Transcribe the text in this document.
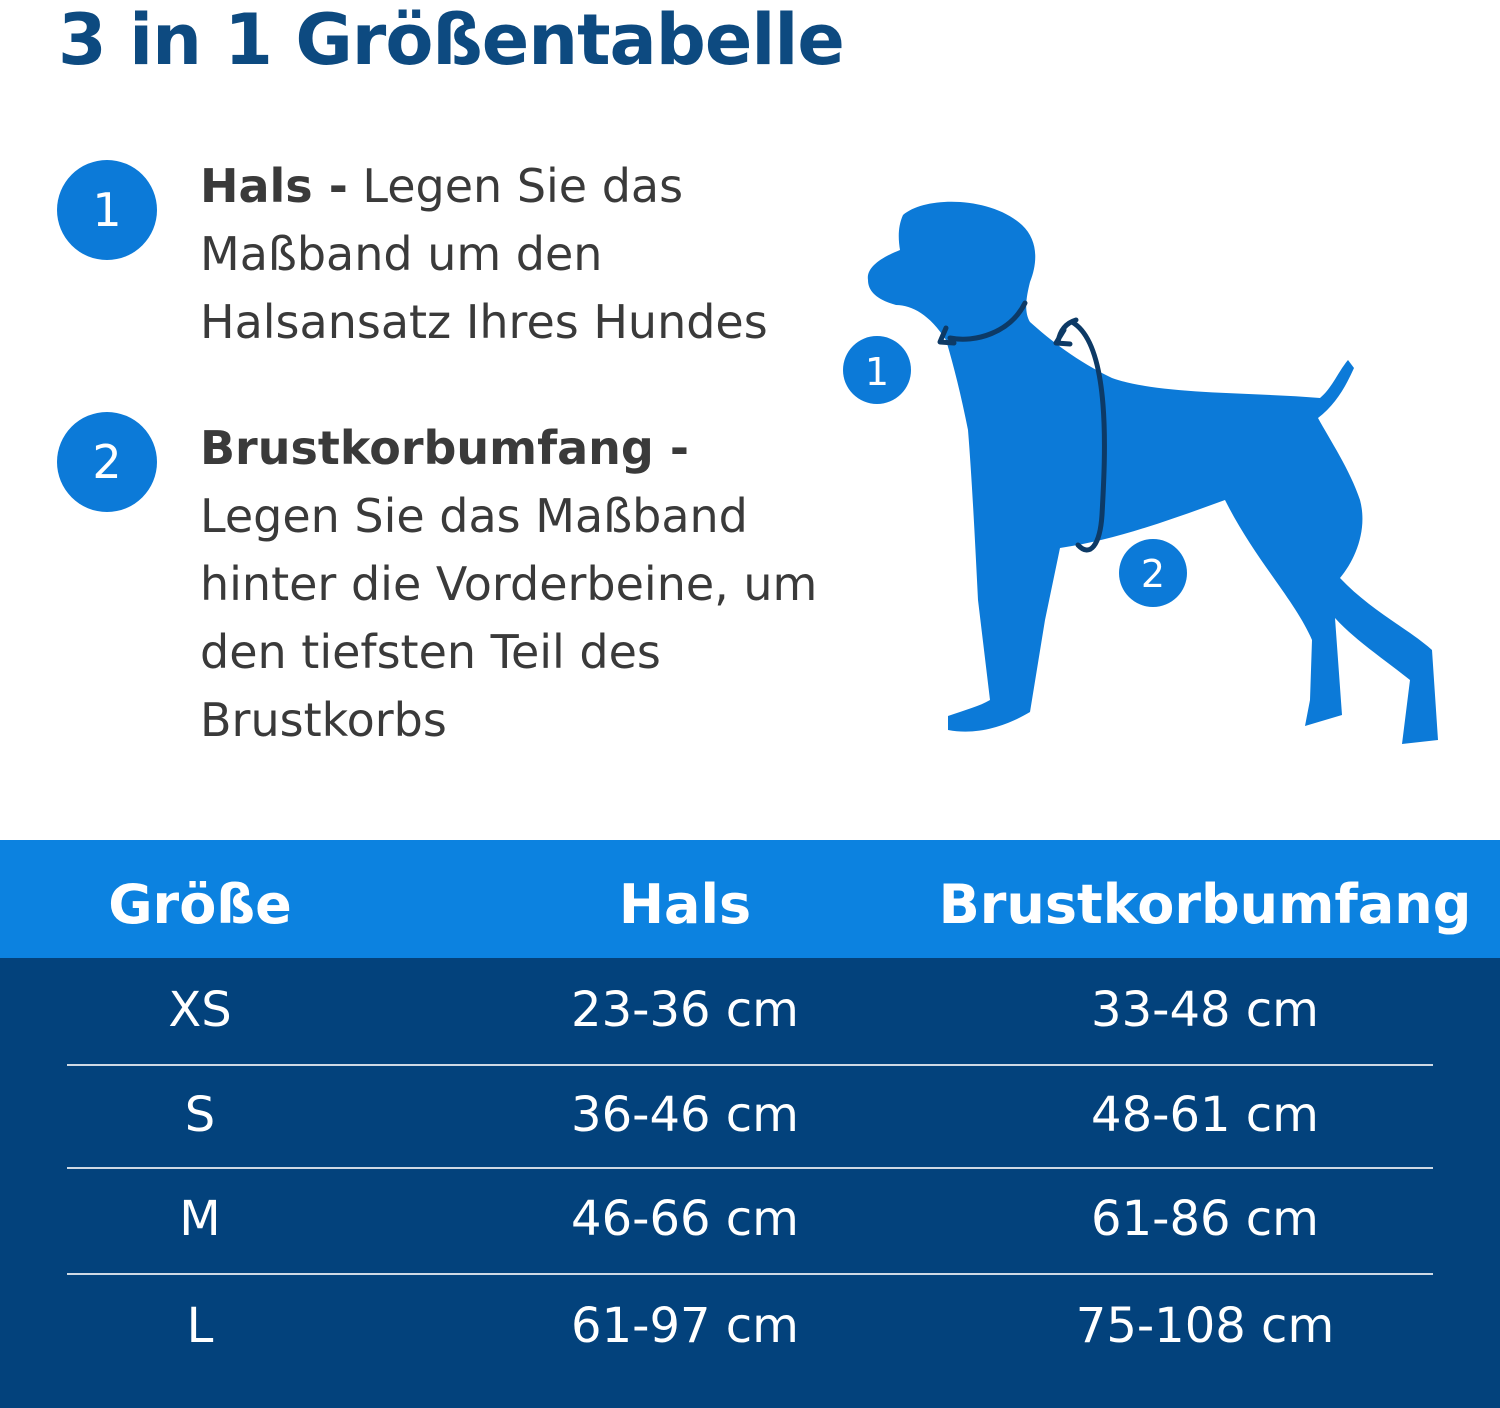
3 in 1 Größentabelle
1	Hals - Legen Sie das Maßband um den Halsansatz Ihres Hundes

2	Brustkorbumfang -
Legen Sie das Maßband hinter die Vorderbeine, um den tiefsten Teil des Brustkorbs

1
2
Größe	Hals	Brustkorbumfang
XS	23-36 cm	33-48 cm
S	36-46 cm	48-61 cm
M	46-66 cm	61-86 cm
L	61-97 cm	75-108 cm
